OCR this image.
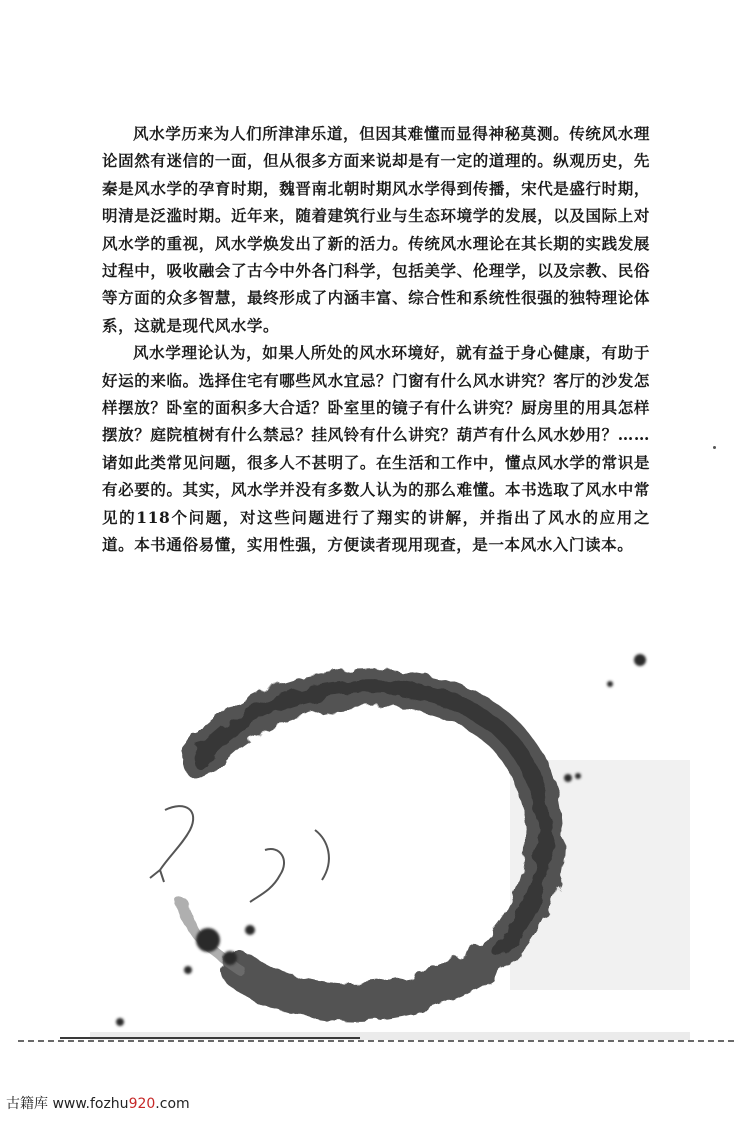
风水学历来为人们所津津乐道，但因其难懂而显得神秘莫测。传统风水理论固然有迷信的一面，但从很多方面来说却是有一定的道理的。纵观历史，先秦是风水学的孕育时期，魏晋南北朝时期风水学得到传播，宋代是盛行时期，明清是泛滥时期。近年来，随着建筑行业与生态环境学的发展，以及国际上对风水学的重视，风水学焕发出了新的活力。传统风水理论在其长期的实践发展过程中，吸收融会了古今中外各门科学，包括美学、伦理学，以及宗教、民俗等方面的众多智慧，最终形成了内涵丰富、综合性和系统性很强的独特理论体系，这就是现代风水学。

风水学理论认为，如果人所处的风水环境好，就有益于身心健康，有助于好运的来临。选择住宅有哪些风水宜忌？门窗有什么风水讲究？客厅的沙发怎样摆放？卧室的面积多大合适？卧室里的镜子有什么讲究？厨房里的用具怎样摆放？庭院植树有什么禁忌？挂风铃有什么讲究？葫芦有什么风水妙用？……诸如此类常见问题，很多人不甚明了。在生活和工作中，懂点风水学的常识是有必要的。其实，风水学并没有多数人认为的那么难懂。本书选取了风水中常见的118个问题，对这些问题进行了翔实的讲解，并指出了风水的应用之道。本书通俗易懂，实用性强，方便读者现用现查，是一本风水入门读本。

古籍库 www.fozhu920.com
